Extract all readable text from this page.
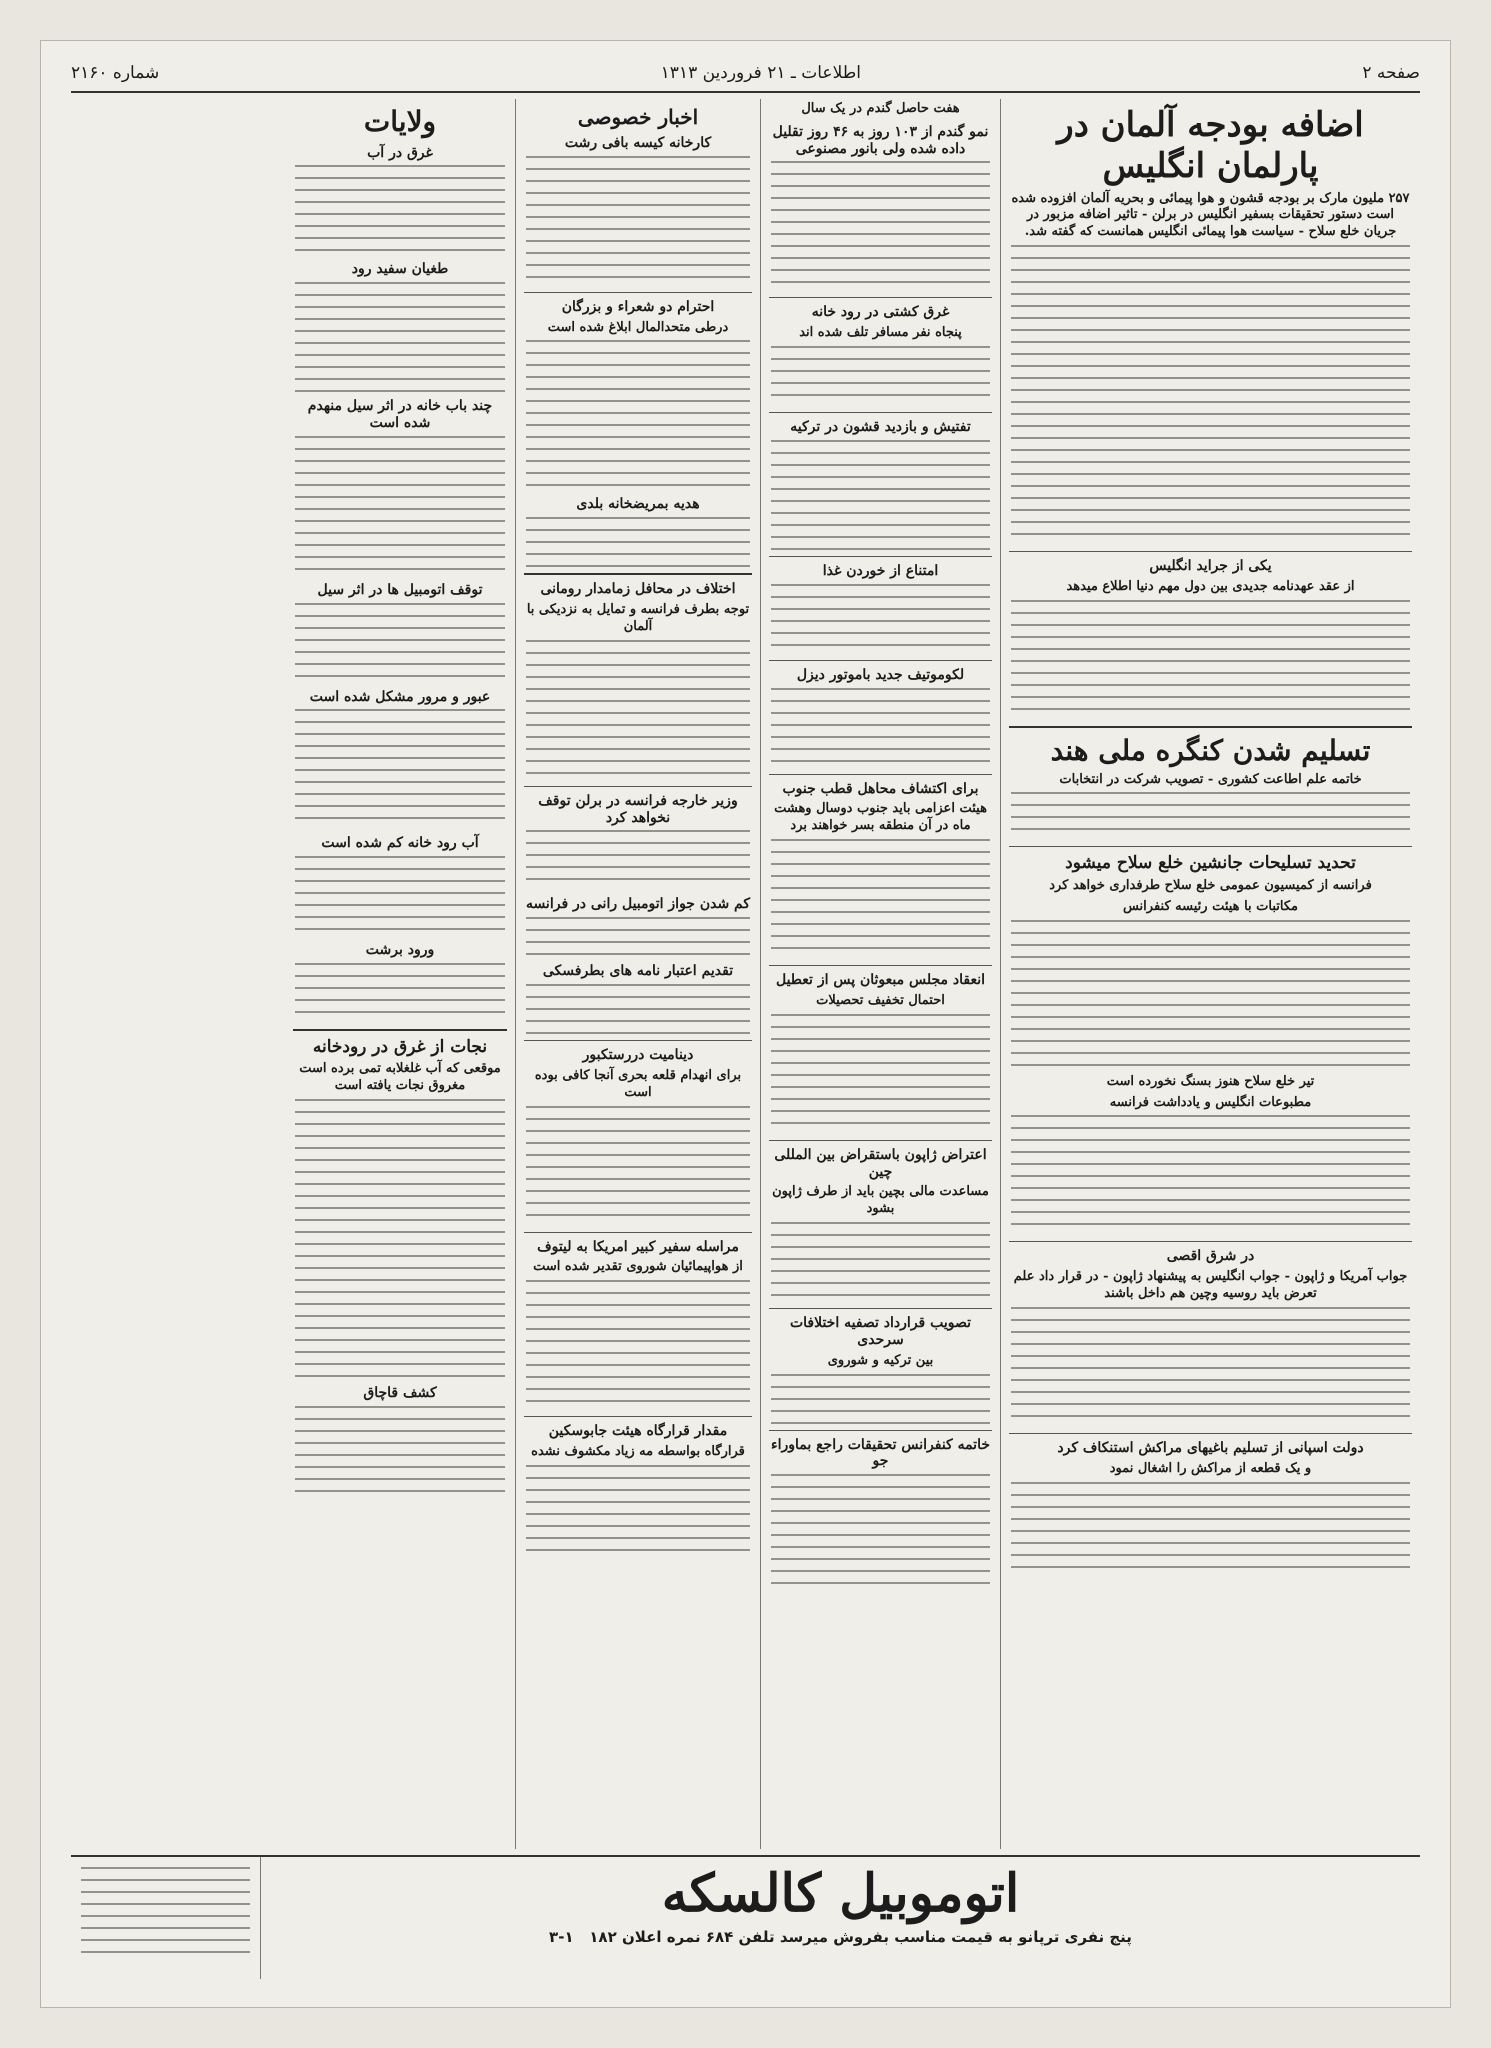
صفحه ۲
اطلاعات ـ ۲۱ فروردین ۱۳۱۳
شماره ۲۱۶۰
اضافه بودجه آلمان در پارلمان انگلیس
۲۵۷ ملیون مارک بر بودجه قشون و هوا پیمائی و بحریه آلمان افزوده شده است دستور تحقیقات بسفیر انگلیس در برلن - تاثیر اضافه مزبور در جریان خلع سلاح - سیاست هوا پیمائی انگلیس همانست که گفته شد.
یکی از جراید انگلیس
از عقد عهدنامه جدیدی بین دول مهم دنیا اطلاع میدهد
تسلیم شدن کنگره ملی هند
خاتمه علم اطاعت کشوری - تصویب شرکت در انتخابات
تحدید تسلیحات جانشین خلع سلاح میشود
فرانسه از کمیسیون عمومی خلع سلاح طرفداری خواهد کرد
مکاتبات با هیئت رئیسه کنفرانس
تیر خلع سلاح هنوز بسنگ نخورده است
مطبوعات انگلیس و یادداشت فرانسه
در شرق اقصی
جواب آمریکا و ژاپون - جواب انگلیس به پیشنهاد ژاپون - در قرار داد علم تعرض باید روسیه وچین هم داخل باشند
دولت اسپانی از تسلیم باغیهای مراکش استنکاف کرد
و یک قطعه از مراکش را اشغال نمود
هفت حاصل گندم در یک سال
نمو گندم از ۱۰۳ روز به ۴۶ روز تقلیل داده شده ولی بانور مصنوعی
غرق کشتی در رود خانه
پنجاه نفر مسافر تلف شده اند
تفتیش و بازدید قشون در ترکیه
امتناع از خوردن غذا
لکوموتیف جدید باموتور دیزل
برای اکتشاف محاهل قطب جنوب
هیئت اعزامی باید جنوب دوسال وهشت ماه در آن منطقه بسر خواهند برد
انعقاد مجلس مبعوثان پس از تعطیل
احتمال تخفیف تحصیلات
اعتراض ژاپون باستقراض بین المللی چین
مساعدت مالی بچین باید از طرف ژاپون بشود
تصویب قرارداد تصفیه اختلافات سرحدی
بین ترکیه و شوروی
خاتمه کنفرانس تحقیقات راجع بماوراء جو
اخبار خصوصی
کارخانه کیسه بافی رشت
احترام دو شعراء و بزرگان
درطی متحدالمال ابلاغ شده است
هدیه بمریضخانه بلدی
اختلاف در محافل زمامدار رومانی
توجه بطرف فرانسه و تمایل به نزدیکی با آلمان
وزیر خارجه فرانسه در برلن توقف نخواهد کرد
کم شدن جواز اتومبیل رانی در فرانسه
تقدیم اعتبار نامه های بطرفسکی
دینامیت دررستکبور
برای انهدام قلعه بحری آنجا کافی بوده است
مراسله سفیر کبیر امریکا به لیتوف
از هواپیمائیان شوروی تقدیر شده است
مقدار قرارگاه هیئت جابوسکین
قرارگاه بواسطه مه زیاد مکشوف نشده
ولایات
غرق در آب
طغیان سفید رود
چند باب خانه در اثر سیل منهدم شده است
توقف اتومبیل ها در اثر سیل
عبور و مرور مشکل شده است
آب رود خانه کم شده است
ورود برشت
نجات از غرق در رودخانه
موقعی که آب غلغلابه تمی برده است مغروق نجات یافته است
کشف قاچاق
اتوموبیل کالسکه
پنج نفری ترپانو به قیمت مناسب بفروش میرسد تلفن ۶۸۴ نمره اعلان ۱۸۲   ۱-۳
